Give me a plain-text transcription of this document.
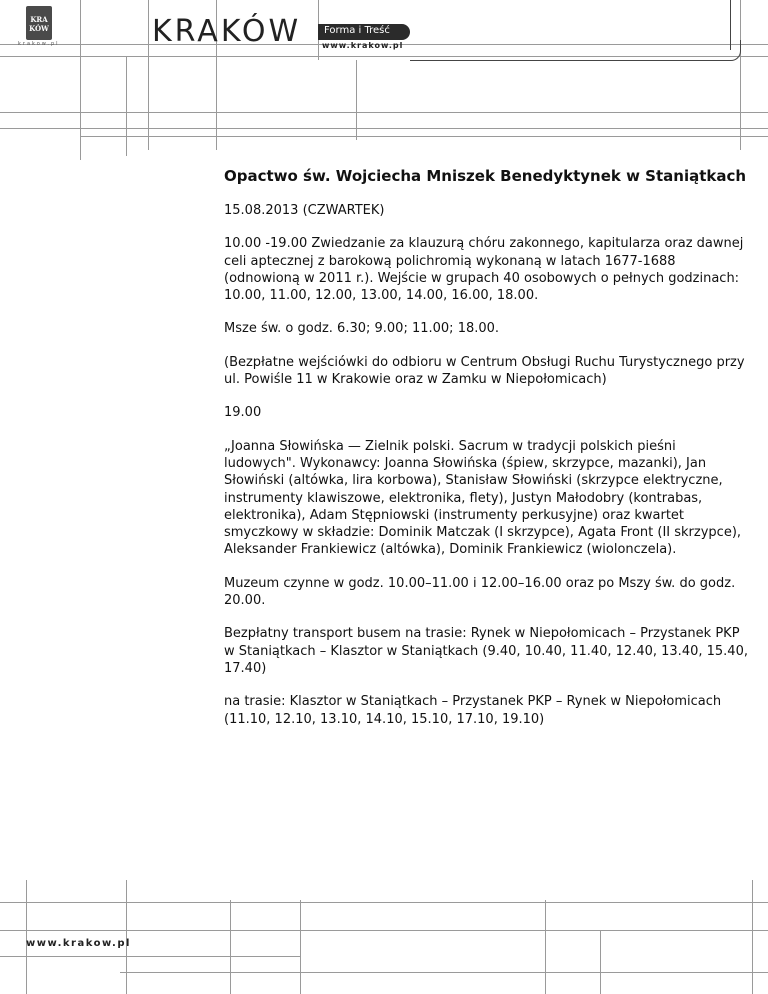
KRA
KÓW
krakow.pl	KRAKÓW Forma i Treść
www.krakow.pl
Opactwo św. Wojciecha Mniszek Benedyktynek w Staniątkach

15.08.2013 (CZWARTEK)

10.00 -19.00 Zwiedzanie za klauzurą chóru zakonnego, kapitularza oraz dawnej celi aptecznej z barokową polichromią wykonaną w latach 1677-1688 (odnowioną w 2011 r.). Wejście w grupach 40 osobowych o pełnych godzinach: 10.00, 11.00, 12.00, 13.00, 14.00, 16.00, 18.00.

Msze św. o godz. 6.30; 9.00; 11.00; 18.00.

(Bezpłatne wejściówki do odbioru w Centrum Obsługi Ruchu Turystycznego przy ul. Powiśle 11 w Krakowie oraz w Zamku w Niepołomicach)

19.00

„Joanna Słowińska — Zielnik polski. Sacrum w tradycji polskich pieśni ludowych". Wykonawcy: Joanna Słowińska (śpiew, skrzypce, mazanki), Jan Słowiński (altówka, lira korbowa), Stanisław Słowiński (skrzypce elektryczne, instrumenty klawiszowe, elektronika, flety), Justyn Małodobry (kontrabas, elektronika), Adam Stępniowski (instrumenty perkusyjne) oraz kwartet smyczkowy w składzie: Dominik Matczak (I skrzypce), Agata Front (II skrzypce), Aleksander Frankiewicz (altówka), Dominik Frankiewicz (wiolonczela).

Muzeum czynne w godz. 10.00–11.00 i 12.00–16.00 oraz po Mszy św. do godz. 20.00.

Bezpłatny transport busem na trasie: Rynek w Niepołomicach – Przystanek PKP w Staniątkach – Klasztor w Staniątkach (9.40, 10.40, 11.40, 12.40, 13.40, 15.40, 17.40)

na trasie: Klasztor w Staniątkach – Przystanek PKP – Rynek w Niepołomicach (11.10, 12.10, 13.10, 14.10, 15.10, 17.10, 19.10)

www.krakow.pl
